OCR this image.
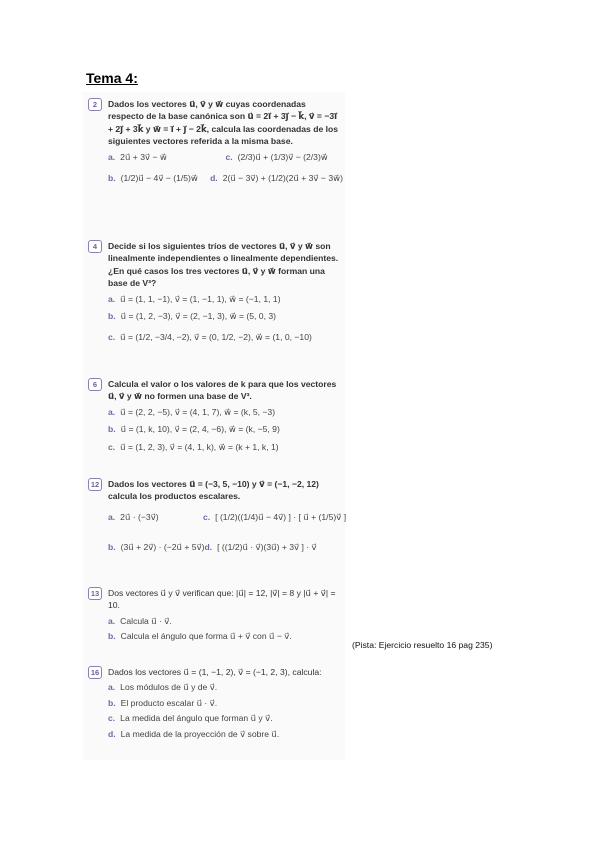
Tema 4:
2	Dados los vectores u⃗, v⃗ y w⃗ cuyas coordenadas respecto de la base canónica son u⃗ = 2i⃗ + 3j⃗ − k⃗, v⃗ = −3i⃗ + 2j⃗ + 3k⃗ y w⃗ = i⃗ + j⃗ − 2k⃗, calcula las coordenadas de los siguientes vectores referida a la misma base.
a. 2u⃗ + 3v⃗ − w⃗	c. (2/3)u⃗ + (1/3)v⃗ − (2/3)w⃗
b. (1/2)u⃗ − 4v⃗ − (1/5)w⃗	d. 2(u⃗ − 3v⃗) + (1/2)(2u⃗ + 3v⃗ − 3w⃗)
4	Decide si los siguientes tríos de vectores u⃗, v⃗ y w⃗ son linealmente independientes o linealmente dependientes. ¿En qué casos los tres vectores u⃗, v⃗ y w⃗ forman una base de V³?
a. u⃗ = (1, 1, −1), v⃗ = (1, −1, 1), w⃗ = (−1, 1, 1)
b. u⃗ = (1, 2, −3), v⃗ = (2, −1, 3), w⃗ = (5, 0, 3)
c. u⃗ = (1/2, −3/4, −2), v⃗ = (0, 1/2, −2), w⃗ = (1, 0, −10)
6	Calcula el valor o los valores de k para que los vectores u⃗, v⃗ y w⃗ no formen una base de V³.
a. u⃗ = (2, 2, −5), v⃗ = (4, 1, 7), w⃗ = (k, 5, −3)
b. u⃗ = (1, k, 10), v⃗ = (2, 4, −6), w⃗ = (k, −5, 9)
c. u⃗ = (1, 2, 3), v⃗ = (4, 1, k), w⃗ = (k + 1, k, 1)
12	Dados los vectores u⃗ = (−3, 5, −10) y v⃗ = (−1, −2, 12) calcula los productos escalares.
a. 2u⃗ · (−3v⃗)	c. [ (1/2)((1/4)u⃗ − 4v⃗) ] · [ u⃗ + (1/5)v⃗ ]
b. (3u⃗ + 2v⃗) · (−2u⃗ + 5v⃗) d. [ ((1/2)u⃗ · v⃗)(3u⃗) + 3v⃗ ] · v⃗
13	Dos vectores u⃗ y v⃗ verifican que: |u⃗| = 12, |v⃗| = 8 y |u⃗ + v⃗| = 10.
a. Calcula u⃗ · v⃗.
b. Calcula el ángulo que forma u⃗ + v⃗ con u⃗ − v⃗.
(Pista: Ejercicio resuelto 16 pag 235)
16	Dados los vectores u⃗ = (1, −1, 2), v⃗ = (−1, 2, 3), calcula:
a. Los módulos de u⃗ y de v⃗.
b. El producto escalar u⃗ · v⃗.
c. La medida del ángulo que forman u⃗ y v⃗.
d. La medida de la proyección de v⃗ sobre u⃗.
